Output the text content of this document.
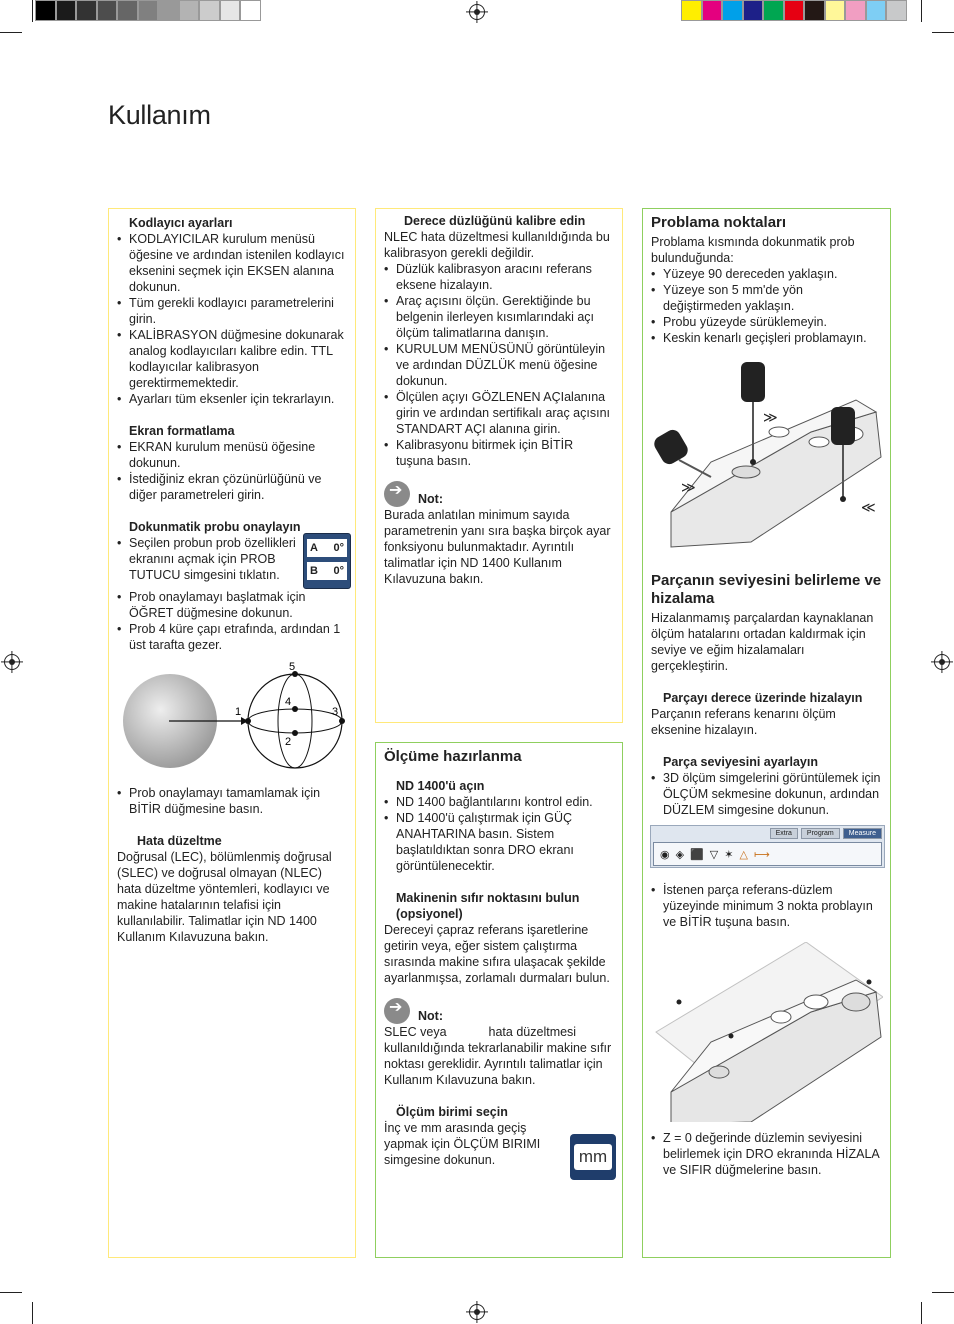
Kullanım
Kodlayıcı ayarları
• KODLAYICILAR kurulum menüsü öğesine ve ardından istenilen kodlayıcı eksenini seçmek için EKSEN alanına dokunun.
• Tüm gerekli kodlayıcı parametrelerini girin.
• KALİBRASYON düğmesine dokunarak analog kodlayıcıları kalibre edin. TTL kodlayıcılar kalibrasyon gerektirmemektedir.
• Ayarları tüm eksenler için tekrarlayın.
Ekran formatlama
• EKRAN kurulum menüsü öğesine dokunun.
• İstediğiniz ekran çözünürlüğünü ve diğer parametreleri girin.
Dokunmatik probu onaylayın
• Seçilen probun prob özellikleri ekranını açmak için PROB TUTUCU simgesini tıklatın.
A 0°
B 0°
• Prob onaylamayı başlatmak için ÖĞRET düğmesine dokunun.
• Prob 4 küre çapı etrafında, ardından 1 üst tarafta gezer.
1
2
3
4
5
• Prob onaylamayı tamamlamak için BİTİR düğmesine basın.
Hata düzeltme

Doğrusal (LEC), bölümlenmiş doğrusal (SLEC) ve doğrusal olmayan (NLEC) hata düzeltme yöntemleri, kodlayıcı ve makine hatalarının telafisi için kullanılabilir. Talimatlar için ND 1400 Kullanım Kılavuzuna bakın.

Derece düzlüğünü kalibre edin

NLEC hata düzeltmesi kullanıldığında bu kalibrasyon gerekli değildir.

• Düzlük kalibrasyon aracını referans eksene hizalayın.
• Araç açısını ölçün. Gerektiğinde bu belgenin ilerleyen kısımlarındaki açı ölçüm talimatlarına danışın.
• KURULUM MENÜSÜNÜ görüntüleyin ve ardından DÜZLÜK menü öğesine dokunun.
• Ölçülen açıyı GÖZLENEN AÇIalanına girin ve ardından sertifikalı araç açısını STANDART AÇI alanına girin.
• Kalibrasyonu bitirmek için BİTİR tuşuna basın.
➔
Not:

Burada anlatılan minimum sayıda parametrenin yanı sıra başka birçok ayar fonksiyonu bulunmaktadır. Ayrıntılı talimatlar için ND 1400 Kullanım Kılavuzuna bakın.

Ölçüme hazırlanma
ND 1400'ü açın
• ND 1400 bağlantılarını kontrol edin.
• ND 1400'ü çalıştırmak için GÜÇ ANAHTARINA basın. Sistem başlatıldıktan sonra DRO ekranı görüntülenecektir.
Makinenin sıfır noktasını bulun (opsiyonel)

Dereceyi çapraz referans işaretlerine getirin veya, eğer sistem çalıştırma sırasında makine sıfıra ulaşacak şekilde ayarlanmışsa, zorlamalı durmaları bulun.

➔
Not:

SLEC veya	hata düzeltmesi kullanıldığında tekrarlanabilir makine sıfır noktası gereklidir. Ayrıntılı talimatlar için Kullanım Kılavuzuna bakın.

Ölçüm birimi seçin

İnç ve mm arasında geçiş yapmak için ÖLÇÜM BIRIMI simgesine dokunun.	mm
Problama noktaları

Problama kısmında dokunmatik prob bulunduğunda:

• Yüzeye 90 dereceden yaklaşın.
• Yüzeye son 5 mm'de yön değiştirmeden yaklaşın.
• Probu yüzeyde sürüklemeyin.
• Keskin kenarlı geçişleri problamayın.
≫
≫
≪
Parçanın seviyesini belirleme ve hizalama

Hizalanmamış parçalardan kaynaklanan ölçüm hatalarını ortadan kaldırmak için seviye ve eğim hizalamaları gerçekleştirin.

Parçayı derece üzerinde hizalayın

Parçanın referans kenarını ölçüm eksenine hizalayın.

Parça seviyesini ayarlayın
• 3D ölçüm simgelerini görüntülemek için ÖLÇÜM sekmesine dokunun, ardından DÜZLEM simgesine dokunun.
• İstenen parça referans-düzlem yüzeyinde minimum 3 nokta problayın ve BİTİR tuşuna basın.
• Z = 0 değerinde düzlemin seviyesini belirlemek için DRO ekranında HİZALA ve SIFIR düğmelerine basın.
Extra	Program	Measure
◉ ◈ ⬛ ▽ ✶ △ ⟼
